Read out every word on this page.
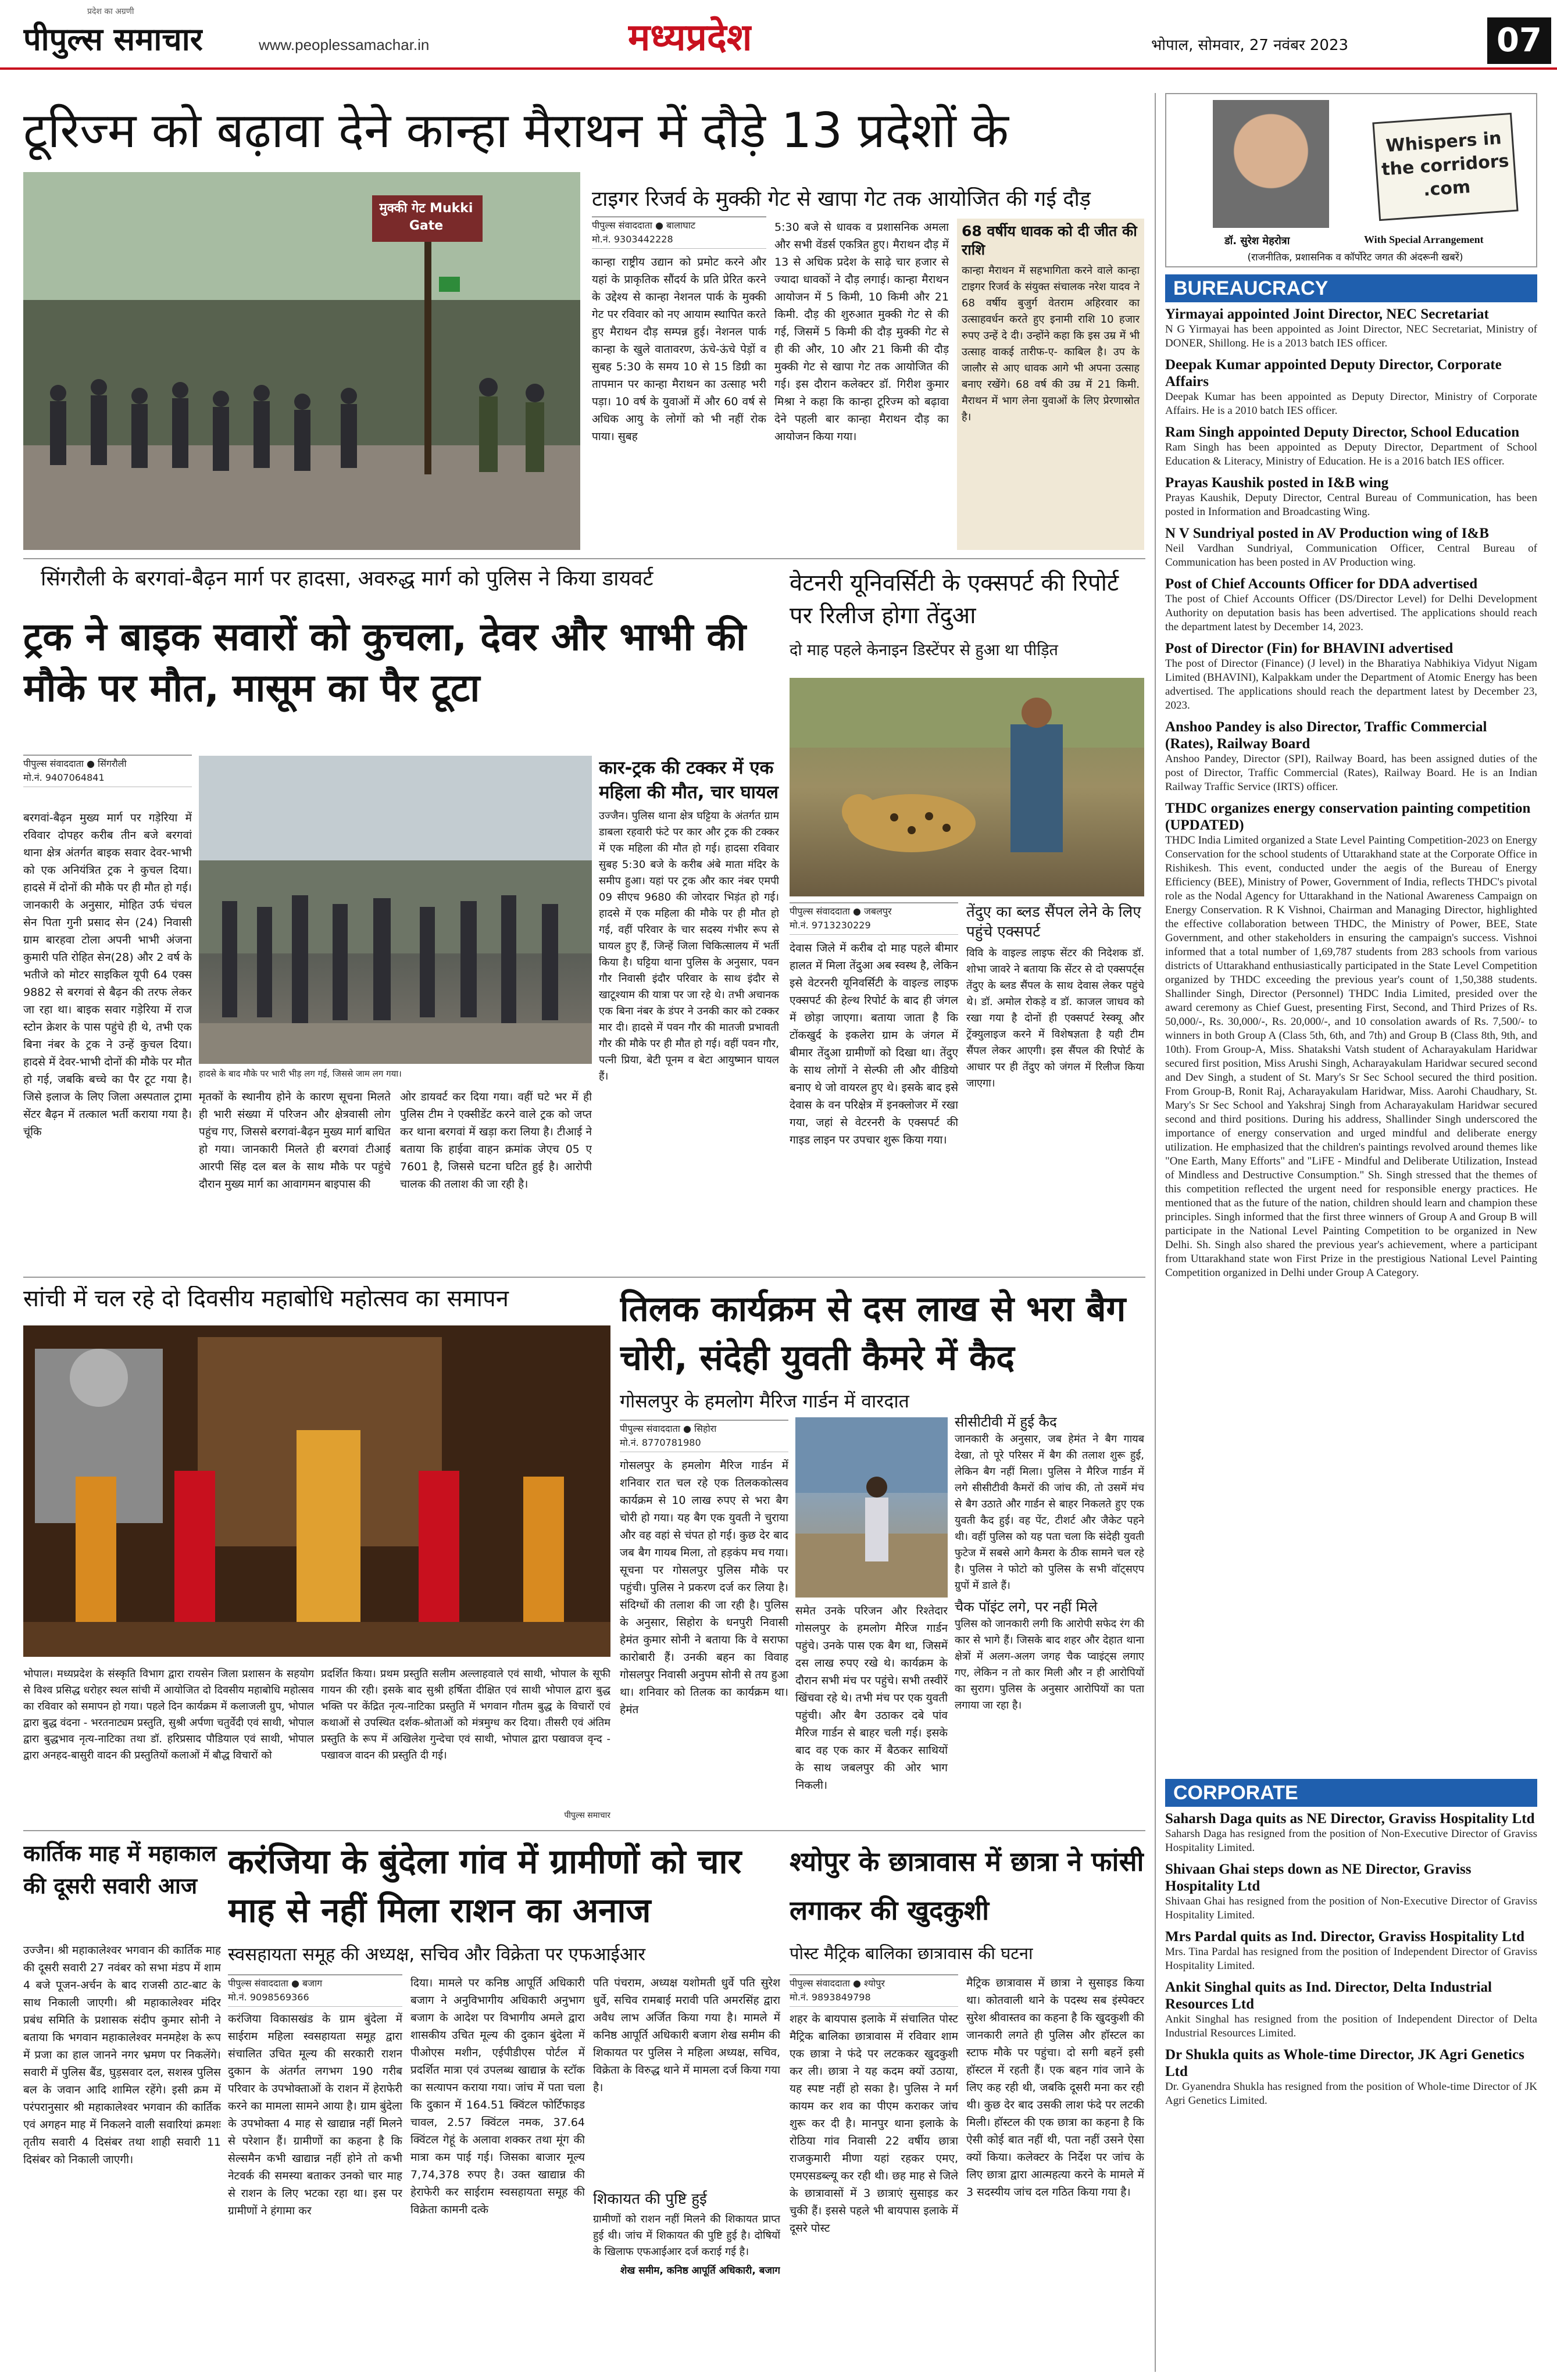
प्रदेश का अग्रणी
पीपुल्स समाचार	www.peoplessamachar.in	मध्यप्रदेश	भोपाल, सोमवार, 27 नवंबर 2023	07
टूरिज्म को बढ़ावा देने कान्हा मैराथन में दौड़े 13 प्रदेशों के
मुक्की गेट Mukki Gate
टाइगर रिजर्व के मुक्की गेट से खापा गेट तक आयोजित की गई दौड़
पीपुल्स संवाददाता ● बालाघाट
मो.नं. 9303442228
कान्हा राष्ट्रीय उद्यान को प्रमोट करने और यहां के प्राकृतिक सौंदर्य के प्रति प्रेरित करने के उद्देश्य से कान्हा नेशनल पार्क के मुक्की गेट पर रविवार को नए आयाम स्थापित करते हुए मैराथन दौड़ सम्पन्न हुई। नेशनल पार्क कान्हा के खुले वातावरण, ऊंचे-ऊंचे पेड़ों व सुबह 5:30 के समय 10 से 15 डिग्री का तापमान पर कान्हा मैराथन का उत्साह भरी पड़ा। 10 वर्ष के युवाओं में और 60 वर्ष से अधिक आयु के लोगों को भी नहीं रोक पाया। सुबह
5:30 बजे से धावक व प्रशासनिक अमला और सभी वेंडर्स एकत्रित हुए। मैराथन दौड़ में 13 से अधिक प्रदेश के साढ़े चार हजार से ज्यादा धावकों ने दौड़ लगाई। कान्हा मैराथन आयोजन में 5 किमी, 10 किमी और 21 किमी. दौड़ की शुरुआत मुक्की गेट से की गई, जिसमें 5 किमी की दौड़ मुक्की गेट से ही की और, 10 और 21 किमी की दौड़ मुक्की गेट से खापा गेट तक आयोजित की गई। इस दौरान कलेक्टर डॉ. गिरीश कुमार मिश्रा ने कहा कि कान्हा टूरिज्म को बढ़ावा देने पहली बार कान्हा मैराथन दौड़ का आयोजन किया गया।
68 वर्षीय धावक को दी जीत की राशि
कान्हा मैराथन में सहभागिता करने वाले कान्हा टाइगर रिजर्व के संयुक्त संचालक नरेश यादव ने 68 वर्षीय बुजुर्ग वेतराम अहिरवार का उत्साहवर्धन करते हुए इनामी राशि 10 हजार रुपए उन्हें दे दी। उन्होंने कहा कि इस उम्र में भी उत्साह वाकई तारीफ-ए- काबिल है। उप के जालौर से आए धावक आगे भी अपना उत्साह बनाए रखेंगे। 68 वर्ष की उम्र में 21 किमी. मैराथन में भाग लेना युवाओं के लिए प्रेरणास्रोत है।
सिंगरौली के बरगवां-बैढ़न मार्ग पर हादसा, अवरुद्ध मार्ग को पुलिस ने किया डायवर्ट
ट्रक ने बाइक सवारों को कुचला, देवर और भाभी की मौके पर मौत, मासूम का पैर टूटा
पीपुल्स संवाददाता ● सिंगरौली
मो.नं. 9407064841
बरगवां-बैढ़न मुख्य मार्ग पर गड़ेरिया में रविवार दोपहर करीब तीन बजे बरगवां थाना क्षेत्र अंतर्गत बाइक सवार देवर-भाभी को एक अनियंत्रित ट्रक ने कुचल दिया। हादसे में दोनों की मौके पर ही मौत हो गई। जानकारी के अनुसार, मोहित उर्फ चंचल सेन पिता गुनी प्रसाद सेन (24) निवासी ग्राम बारहवा टोला अपनी भाभी अंजना कुमारी पति रोहित सेन(28) और 2 वर्ष के भतीजे को मोटर साइकिल यूपी 64 एक्स 9882 से बरगवां से बैढ़न की तरफ लेकर जा रहा था। बाइक सवार गड़ेरिया में राज स्टोन क्रेशर के पास पहुंचे ही थे, तभी एक बिना नंबर के ट्रक ने उन्हें कुचल दिया। हादसे में देवर-भाभी दोनों की मौके पर मौत हो गई, जबकि बच्चे का पैर टूट गया है। जिसे इलाज के लिए जिला अस्पताल ट्रामा सेंटर बैढ़न में तत्काल भर्ती कराया गया है। चूंकि
हादसे के बाद मौके पर भारी भीड़ लग गई, जिससे जाम लग गया।
मृतकों के स्थानीय होने के कारण सूचना मिलते ही भारी संख्या में परिजन और क्षेत्रवासी लोग पहुंच गए, जिससे बरगवां-बैढ़न मुख्य मार्ग बाधित हो गया। जानकारी मिलते ही बरगवां टीआई आरपी सिंह दल बल के साथ मौके पर पहुंचे दौरान मुख्य मार्ग का आवागमन बाइपास की
ओर डायवर्ट कर दिया गया। वहीं घटे भर में ही पुलिस टीम ने एक्सीडेंट करने वाले ट्रक को जप्त कर थाना बरगवां में खड़ा करा लिया है। टीआई ने बताया कि हाईवा वाहन क्रमांक जेएच 05 ए 7601 है, जिससे घटना घटित हुई है। आरोपी चालक की तलाश की जा रही है।
कार-ट्रक की टक्कर में एक महिला की मौत, चार घायल
उज्जैन। पुलिस थाना क्षेत्र घट्टिया के अंतर्गत ग्राम डाबला रहवारी फंटे पर कार और ट्रक की टक्कर में एक महिला की मौत हो गई। हादसा रविवार सुबह 5:30 बजे के करीब अंबे माता मंदिर के समीप हुआ। यहां पर ट्रक और कार नंबर एमपी 09 सीएच 9680 की जोरदार भिड़ंत हो गई। हादसे में एक महिला की मौके पर ही मौत हो गई, वहीं परिवार के चार सदस्य गंभीर रूप से घायल हुए हैं, जिन्हें जिला चिकित्सालय में भर्ती किया है। घट्टिया थाना पुलिस के अनुसार, पवन गौर निवासी इंदौर परिवार के साथ इंदौर से खाटूश्याम की यात्रा पर जा रहे थे। तभी अचानक एक बिना नंबर के डंपर ने उनकी कार को टक्कर मार दी। हादसे में पवन गौर की मातजी प्रभावती गौर की मौके पर ही मौत हो गई। वहीं पवन गौर, पत्नी प्रिया, बेटी पूनम व बेटा आयुष्मान घायल हैं।
वेटनरी यूनिवर्सिटी के एक्सपर्ट की रिपोर्ट पर रिलीज होगा तेंदुआ
दो माह पहले केनाइन डिस्टेंपर से हुआ था पीड़ित
पीपुल्स संवाददाता ● जबलपुर
मो.नं. 9713230229
देवास जिले में करीब दो माह पहले बीमार हालत में मिला तेंदुआ अब स्वस्थ है, लेकिन इसे वेटरनरी यूनिवर्सिटी के वाइल्ड लाइफ एक्सपर्ट की हेल्थ रिपोर्ट के बाद ही जंगल में छोड़ा जाएगा। बताया जाता है कि टोंकखुर्द के इकलेरा ग्राम के जंगल में बीमार तेंदुआ ग्रामीणों को दिखा था। तेंदुए के साथ लोगों ने सेल्फी ली और वीडियो बनाए थे जो वायरल हुए थे। इसके बाद इसे देवास के वन परिक्षेत्र में इनक्लोजर में रखा गया, जहां से वेटरनरी के एक्सपर्ट की गाइड लाइन पर उपचार शुरू किया गया।
तेंदुए का ब्लड सैंपल लेने के लिए पहुंचे एक्सपर्ट
विवि के वाइल्ड लाइफ सेंटर की निदेशक डॉ. शोभा जावरे ने बताया कि सेंटर से दो एक्सपर्ट्स तेंदुए के ब्लड सैंपल के साथ देवास लेकर पहुंचे थे। डॉ. अमोल रोकड़े व डॉ. काजल जाधव को रखा गया है दोनों ही एक्सपर्ट रेस्क्यू और ट्रेंक्युलाइज करने में विशेषज्ञता है यही टीम सैंपल लेकर आएगी। इस सैंपल की रिपोर्ट के आधार पर ही तेंदुए को जंगल में रिलीज किया जाएगा।
सांची में चल रहे दो दिवसीय महाबोधि महोत्सव का समापन
भोपाल। मध्यप्रदेश के संस्कृति विभाग द्वारा रायसेन जिला प्रशासन के सहयोग से विश्व प्रसिद्ध धरोहर स्थल सांची में आयोजित दो दिवसीय महाबोधि महोत्सव का रविवार को समापन हो गया। पहले दिन कार्यक्रम में कलाजली ग्रुप, भोपाल द्वारा बुद्ध वंदना - भरतनाट्यम प्रस्तुति, सुश्री अर्पणा चतुर्वेदी एवं साथी, भोपाल द्वारा बुद्धभाव नृत्य-नाटिका तथा डॉ. हरिप्रसाद पौडियाल एवं साथी, भोपाल द्वारा अनहद-बासुरी वादन की प्रस्तुतियों कलाओं में बौद्ध विचारों को
प्रदर्शित किया। प्रथम प्रस्तुति सलीम अल्लाहवाले एवं साथी, भोपाल के सूफी गायन की रही। इसके बाद सुश्री हर्षिता दीक्षित एवं साथी भोपाल द्वारा बुद्ध भक्ति पर केंद्रित नृत्य-नाटिका प्रस्तुति में भगवान गौतम बुद्ध के विचारों एवं कथाओं से उपस्थित दर्शक-श्रोताओं को मंत्रमुग्ध कर दिया। तीसरी एवं अंतिम प्रस्तुति के रूप में अखिलेश गुन्देचा एवं साथी, भोपाल द्वारा पखावज वृन्द - पखावज वादन की प्रस्तुति दी गई।
पीपुल्स समाचार
तिलक कार्यक्रम से दस लाख से भरा बैग चोरी, संदेही युवती कैमरे में कैद
गोसलपुर के हमलोग मैरिज गार्डन में वारदात
पीपुल्स संवाददाता ● सिहोरा
मो.नं. 8770781980
गोसलपुर के हमलोग मैरिज गार्डन में शनिवार रात चल रहे एक तिलककोत्सव कार्यक्रम से 10 लाख रुपए से भरा बैग चोरी हो गया। यह बैग एक युवती ने चुराया और वह वहां से चंपत हो गई। कुछ देर बाद जब बैग गायब मिला, तो हड़कंप मच गया। सूचना पर गोसलपुर पुलिस मौके पर पहुंची। पुलिस ने प्रकरण दर्ज कर लिया है। संदिग्धों की तलाश की जा रही है। पुलिस के अनुसार, सिहोरा के धनपुरी निवासी हेमंत कुमार सोनी ने बताया कि वे सराफा कारोबारी हैं। उनकी बहन का विवाह गोसलपुर निवासी अनुपम सोनी से तय हुआ था। शनिवार को तिलक का कार्यक्रम था। हेमंत
समेत उनके परिजन और रिश्तेदार गोसलपुर के हमलोग मैरिज गार्डन पहुंचे। उनके पास एक बैग था, जिसमें दस लाख रुपए रखे थे। कार्यक्रम के दौरान सभी मंच पर पहुंचे। सभी तस्वीरें खिंचवा रहे थे। तभी मंच पर एक युवती पहुंची। और बैग उठाकर दबे पांव मैरिज गार्डन से बाहर चली गई। इसके बाद वह एक कार में बैठकर साथियों के साथ जबलपुर की ओर भाग निकली।
सीसीटीवी में हुई कैद
जानकारी के अनुसार, जब हेमंत ने बैग गायब देखा, तो पूरे परिसर में बैग की तलाश शुरू हुई, लेकिन बैग नहीं मिला। पुलिस ने मैरिज गार्डन में लगे सीसीटीवी कैमरों की जांच की, तो उसमें मंच से बैग उठाते और गार्डन से बाहर निकलते हुए एक युवती कैद हुई। वह पेंट, टीशर्ट और जैकेट पहने थी। वहीं पुलिस को यह पता चला कि संदेही युवती फुटेज में सबसे आगे कैमरा के ठीक सामने चल रहे है। पुलिस ने फोटो को पुलिस के सभी वॉट्सएप ग्रुपों में डाले हैं।
चैक पॉइंट लगे, पर नहीं मिले
पुलिस को जानकारी लगी कि आरोपी सफेद रंग की कार से भागे हैं। जिसके बाद शहर और देहात थाना क्षेत्रों में अलग-अलग जगह चैक प्वाइंट्स लगाए गए, लेकिन न तो कार मिली और न ही आरोपियों का सुराग। पुलिस के अनुसार आरोपियों का पता लगाया जा रहा है।
कार्तिक माह में महाकाल की दूसरी सवारी आज
उज्जैन। श्री महाकालेश्वर भगवान की कार्तिक माह की दूसरी सवारी 27 नवंबर को सभा मंडप में शाम 4 बजे पूजन-अर्चन के बाद राजसी ठाट-बाट के साथ निकाली जाएगी। श्री महाकालेश्वर मंदिर प्रबंध समिति के प्रशासक संदीप कुमार सोनी ने बताया कि भगवान महाकालेश्वर मनमहेश के रूप में प्रजा का हाल जानने नगर भ्रमण पर निकलेंगे। सवारी में पुलिस बैंड, घुड़सवार दल, सशस्त्र पुलिस बल के जवान आदि शामिल रहेंगे। इसी क्रम में परंपरानुसार श्री महाकालेश्वर भगवान की कार्तिक एवं अगहन माह में निकलने वाली सवारियां क्रमशः तृतीय सवारी 4 दिसंबर तथा शाही सवारी 11 दिसंबर को निकाली जाएगी।
करंजिया के बुंदेला गांव में ग्रामीणों को चार माह से नहीं मिला राशन का अनाज
स्वसहायता समूह की अध्यक्ष, सचिव और विक्रेता पर एफआईआर
पीपुल्स संवाददाता ● बजाग
मो.नं. 9098569366
करंजिया विकासखंड के ग्राम बुंदेला में साईराम महिला स्वसहायता समूह द्वारा संचालित उचित मूल्य की सरकारी राशन दुकान के अंतर्गत लगभग 190 गरीब परिवार के उपभोक्ताओं के राशन में हेराफेरी करने का मामला सामने आया है। ग्राम बुंदेला के उपभोक्ता 4 माह से खाद्यान्न नहीं मिलने से परेशान हैं। ग्रामीणों का कहना है कि सेल्समैन कभी खाद्यान्न नहीं होने तो कभी नेटवर्क की समस्या बताकर उनको चार माह से राशन के लिए भटका रहा था। इस पर ग्रामीणों ने हंगामा कर
दिया। मामले पर कनिष्ठ आपूर्ति अधिकारी बजाग ने अनुविभागीय अधिकारी अनुभाग बजाग के आदेश पर विभागीय अमले द्वारा शासकीय उचित मूल्य की दुकान बुंदेला में पीओएस मशीन, एईपीडीएस पोर्टल में प्रदर्शित मात्रा एवं उपलब्ध खाद्यान्न के स्टॉक का सत्यापन कराया गया। जांच में पता चला कि दुकान में 164.51 क्विंटल फोर्टिफाइड चावल, 2.57 क्विंटल नमक, 37.64 क्विंटल गेहूं के अलावा शक्कर तथा मूंग की मात्रा कम पाई गई। जिसका बाजार मूल्य 7,74,378 रुपए है। उक्त खाद्यान्न की हेराफेरी कर साईराम स्वसहायता समूह की विक्रेता कामनी दत्के
पति पंचराम, अध्यक्ष यशोमती धुर्वे पति सुरेश धुर्वे, सचिव रामबाई मरावी पति अमरसिंह द्वारा अवैध लाभ अर्जित किया गया है। मामले में कनिष्ठ आपूर्ति अधिकारी बजाग शेख समीम की शिकायत पर पुलिस ने महिला अध्यक्ष, सचिव, विक्रेता के विरुद्ध थाने में मामला दर्ज किया गया है।
शिकायत की पुष्टि हुई
ग्रामीणों को राशन नहीं मिलने की शिकायत प्राप्त हुई थी। जांच में शिकायत की पुष्टि हुई है। दोषियों के खिलाफ एफआईआर दर्ज कराई गई है।
शेख समीम, कनिष्ठ आपूर्ति अधिकारी, बजाग
श्योपुर के छात्रावास में छात्रा ने फांसी लगाकर की खुदकुशी
पोस्ट मैट्रिक बालिका छात्रावास की घटना
पीपुल्स संवाददाता ● श्योपुर
मो.नं. 9893849798
शहर के बायपास इलाके में संचालित पोस्ट मैट्रिक बालिका छात्रावास में रविवार शाम एक छात्रा ने फंदे पर लटककर खुदकुशी कर ली। छात्रा ने यह कदम क्यों उठाया, यह स्पष्ट नहीं हो सका है। पुलिस ने मर्ग कायम कर शव का पीएम कराकर जांच शुरू कर दी है। मानपुर थाना इलाके के रोठिया गांव निवासी 22 वर्षीय छात्रा राजकुमारी मीणा यहां रहकर एमए, एमएसडब्ल्यू कर रही थी। छह माह से जिले के छात्रावासों में 3 छात्राएं सुसाइड कर चुकी हैं। इससे पहले भी बायपास इलाके में दूसरे पोस्ट
मैट्रिक छात्रावास में छात्रा ने सुसाइड किया था। कोतवाली थाने के पदस्थ सब इंस्पेक्टर सुरेश श्रीवास्तव का कहना है कि खुदकुशी की जानकारी लगते ही पुलिस और हॉस्टल का स्टाफ मौके पर पहुंचा। दो सगी बहनें इसी हॉस्टल में रहती हैं। एक बहन गांव जाने के लिए कह रही थी, जबकि दूसरी मना कर रही थी। कुछ देर बाद उसकी लाश फंदे पर लटकी मिली। हॉस्टल की एक छात्रा का कहना है कि ऐसी कोई बात नहीं थी, पता नहीं उसने ऐसा क्यों किया। कलेक्टर के निर्देश पर जांच के लिए छात्रा द्वारा आत्महत्या करने के मामले में 3 सदस्यीय जांच दल गठित किया गया है।
Whispers in the corridors .com
डॉ. सुरेश मेहरोत्रा	With Special Arrangement
(राजनीतिक, प्रशासनिक व कॉर्पोरेट जगत की अंदरूनी खबरें)
BUREAUCRACY
Yirmayai appointed Joint Director, NEC Secretariat
N G Yirmayai has been appointed as Joint Director, NEC Secretariat, Ministry of DONER, Shillong. He is a 2013 batch IES officer.
Deepak Kumar appointed Deputy Director, Corporate Affairs
Deepak Kumar has been appointed as Deputy Director, Ministry of Corporate Affairs. He is a 2010 batch IES officer.
Ram Singh appointed Deputy Director, School Education
Ram Singh has been appointed as Deputy Director, Department of School Education & Literacy, Ministry of Education. He is a 2016 batch IES officer.
Prayas Kaushik posted in I&B wing
Prayas Kaushik, Deputy Director, Central Bureau of Communication, has been posted in Information and Broadcasting Wing.
N V Sundriyal posted in AV Production wing of I&B
Neil Vardhan Sundriyal, Communication Officer, Central Bureau of Communication has been posted in AV Production wing.
Post of Chief Accounts Officer for DDA advertised
The post of Chief Accounts Officer (DS/Director Level) for Delhi Development Authority on deputation basis has been advertised. The applications should reach the department latest by December 14, 2023.
Post of Director (Fin) for BHAVINI advertised
The post of Director (Finance) (J level) in the Bharatiya Nabhikiya Vidyut Nigam Limited (BHAVINI), Kalpakkam under the Department of Atomic Energy has been advertised. The applications should reach the department latest by December 23, 2023.
Anshoo Pandey is also Director, Traffic Commercial (Rates), Railway Board
Anshoo Pandey, Director (SPI), Railway Board, has been assigned duties of the post of Director, Traffic Commercial (Rates), Railway Board. He is an Indian Railway Traffic Service (IRTS) officer.
THDC organizes energy conservation painting competition (UPDATED)
THDC India Limited organized a State Level Painting Competition-2023 on Energy Conservation for the school students of Uttarakhand state at the Corporate Office in Rishikesh. This event, conducted under the aegis of the Bureau of Energy Efficiency (BEE), Ministry of Power, Government of India, reflects THDC's pivotal role as the Nodal Agency for Uttarakhand in the National Awareness Campaign on Energy Conservation. R K Vishnoi, Chairman and Managing Director, highlighted the effective collaboration between THDC, the Ministry of Power, BEE, State Government, and other stakeholders in ensuring the campaign's success. Vishnoi informed that a total number of 1,69,787 students from 283 schools from various districts of Uttarakhand enthusiastically participated in the State Level Competition organized by THDC exceeding the previous year's count of 1,50,388 students. Shallinder Singh, Director (Personnel) THDC India Limited, presided over the award ceremony as Chief Guest, presenting First, Second, and Third Prizes of Rs. 50,000/-, Rs. 30,000/-, Rs. 20,000/-, and 10 consolation awards of Rs. 7,500/- to winners in both Group A (Class 5th, 6th, and 7th) and Group B (Class 8th, 9th, and 10th). From Group-A, Miss. Shatakshi Vatsh student of Acharayakulam Haridwar secured first position, Miss Arushi Singh, Acharayakulam Haridwar secured second and Dev Singh, a student of St. Mary's Sr Sec School secured the third position. From Group-B, Ronit Raj, Acharayakulam Haridwar, Miss. Aarohi Chaudhary, St. Mary's Sr Sec School and Yakshraj Singh from Acharayakulam Haridwar secured second and third positions. During his address, Shallinder Singh underscored the importance of energy conservation and urged mindful and deliberate energy utilization. He emphasized that the children's paintings revolved around themes like "One Earth, Many Efforts" and "LiFE - Mindful and Deliberate Utilization, Instead of Mindless and Destructive Consumption." Sh. Singh stressed that the themes of this competition reflected the urgent need for responsible energy practices. He mentioned that as the future of the nation, children should learn and champion these principles. Singh informed that the first three winners of Group A and Group B will participate in the National Level Painting Competition to be organized in New Delhi. Sh. Singh also shared the previous year's achievement, where a participant from Uttarakhand state won First Prize in the prestigious National Level Painting Competition organized in Delhi under Group A Category.
CORPORATE
Saharsh Daga quits as NE Director, Graviss Hospitality Ltd
Saharsh Daga has resigned from the position of Non-Executive Director of Graviss Hospitality Limited.
Shivaan Ghai steps down as NE Director, Graviss Hospitality Ltd
Shivaan Ghai has resigned from the position of Non-Executive Director of Graviss Hospitality Limited.
Mrs Pardal quits as Ind. Director, Graviss Hospitality Ltd
Mrs. Tina Pardal has resigned from the position of Independent Director of Graviss Hospitality Limited.
Ankit Singhal quits as Ind. Director, Delta Industrial Resources Ltd
Ankit Singhal has resigned from the position of Independent Director of Delta Industrial Resources Limited.
Dr Shukla quits as Whole-time Director, JK Agri Genetics Ltd
Dr. Gyanendra Shukla has resigned from the position of Whole-time Director of JK Agri Genetics Limited.
